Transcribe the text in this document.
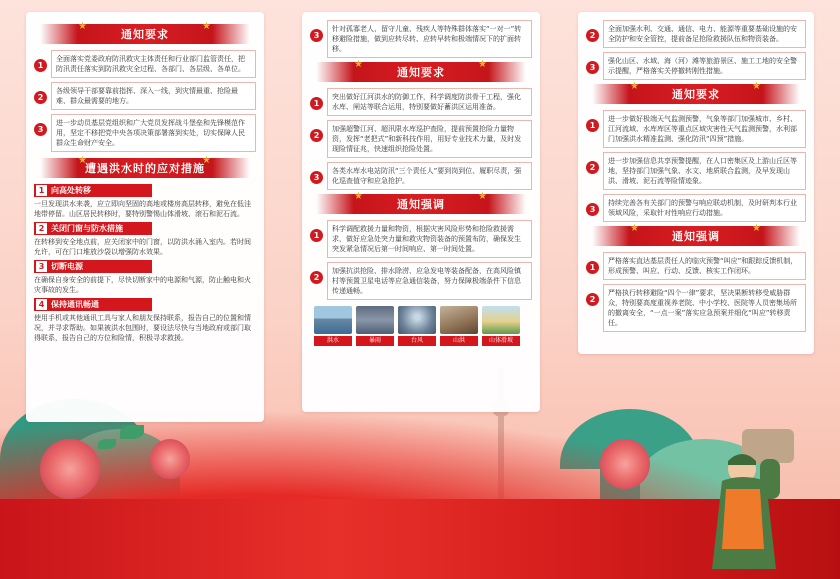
★
通知要求
★
1
全面落实党委政府防汛救灾主体责任和行业部门监管责任，把防汛责任落实到防汛救灾全过程、各部门、各层级、各单位。
2
各级领导干部要靠前指挥、深入一线，到灾情最重、抢险最难、群众最需要的地方。
3
进一步动员基层党组织和广大党员发挥战斗堡垒和先锋模范作用，坚定不移把党中央各项决策部署落到实处，切实保障人民群众生命财产安全。
★
遭遇洪水时的应对措施
★
1 向高处转移
一旦发现洪水来袭，应立即向坚固的高地或楼房高层转移，避免在低洼地带停留。山区居民转移时，要特别警惕山体滑坡、滚石和泥石流。
2 关闭门窗与防水措施
在转移到安全地点前，应关闭家中的门窗，以防洪水涌入室内。若时间允许，可在门口堆放沙袋以增强防水效果。
3 切断电源
在确保自身安全的前提下，尽快切断家中的电源和气源，防止触电和火灾事故的发生。
4 保持通讯畅通
使用手机或其他通讯工具与家人和朋友保持联系，报告自己的位置和情况，并寻求帮助。如果被洪水包围时，要设法尽快与当地政府或部门取得联系，报告自己的方位和险情，积极寻求救援。
3
针对孤寡老人、留守儿童、残疾人等特殊群体落实“一对一”转移避险措施，做到应转尽转、应转早转和极端情况下的扩面转移。
★
通知要求
★
1
突出做好江河洪水的防御工作，科学调度防洪骨干工程，强化水库、闸站等联合运用，特别要做好蓄洪区运用准备。
2
加强超警江河、超汛限水库巡护查险，提前预置抢险力量物资，发挥“老把式”和新科技作用，用好专业技术力量，及时发现险情征兆，快速组织抢险处置。
3
各类水库水电站防汛“三个责任人”要到岗到位、履职尽责，强化巡查值守和应急抢护。
★
通知强调
★
1
科学调配救援力量和物资，根据灾害风险形势和抢险救援需求，做好应急处突力量和救灾物资装备的预置布防，确保发生突发紧急情况后第一时间响应、第一时间处置。
2
加强抗洪抢险、排水除涝、应急发电等装备配备，在高风险镇村等预置卫星电话等应急通信装备，努力保障极端条件下信息传递通畅。
洪水	暴雨	台风	山洪	山体滑坡
2
全面加强水利、交通、通信、电力、能源等重要基础设施的安全防护和安全管控，提前备足抢险救援队伍和物资装备。
3
强化山区、水域、海（河）滩等旅游景区、施工工地的安全警示提醒，严格落实关停撤转刚性措施。
★
通知要求
★
1
进一步做好极端天气监测预警，气象等部门加强城市、乡村、江河流域、水库库区等重点区域灾害性天气监测预警，水利部门加强洪水精准监测、强化防汛“四预”措施。
2
进一步加强信息共享预警提醒，在人口密集区及上游山丘区等地，坚持部门加强气象、水文、地质联合监测，及早发现山洪、滑坡、泥石流等险情迹象。
3
持续完善各有关部门的预警与响应联动机制，及时研判本行业领域风险，采取针对性响应行动措施。
★
通知强调
★
1
严格落实直达基层责任人的临灾预警“叫应”和跟踪反馈机制，形成预警、叫应、行动、反馈、核实工作闭环。
2
严格执行转移避险“四个一律”要求，坚决果断转移受威胁群众，特别要高度重视养老院、中小学校、医院等人员密集场所的撤离安全，“一点一案”落实应急预案并细化“叫应”转移责任。
